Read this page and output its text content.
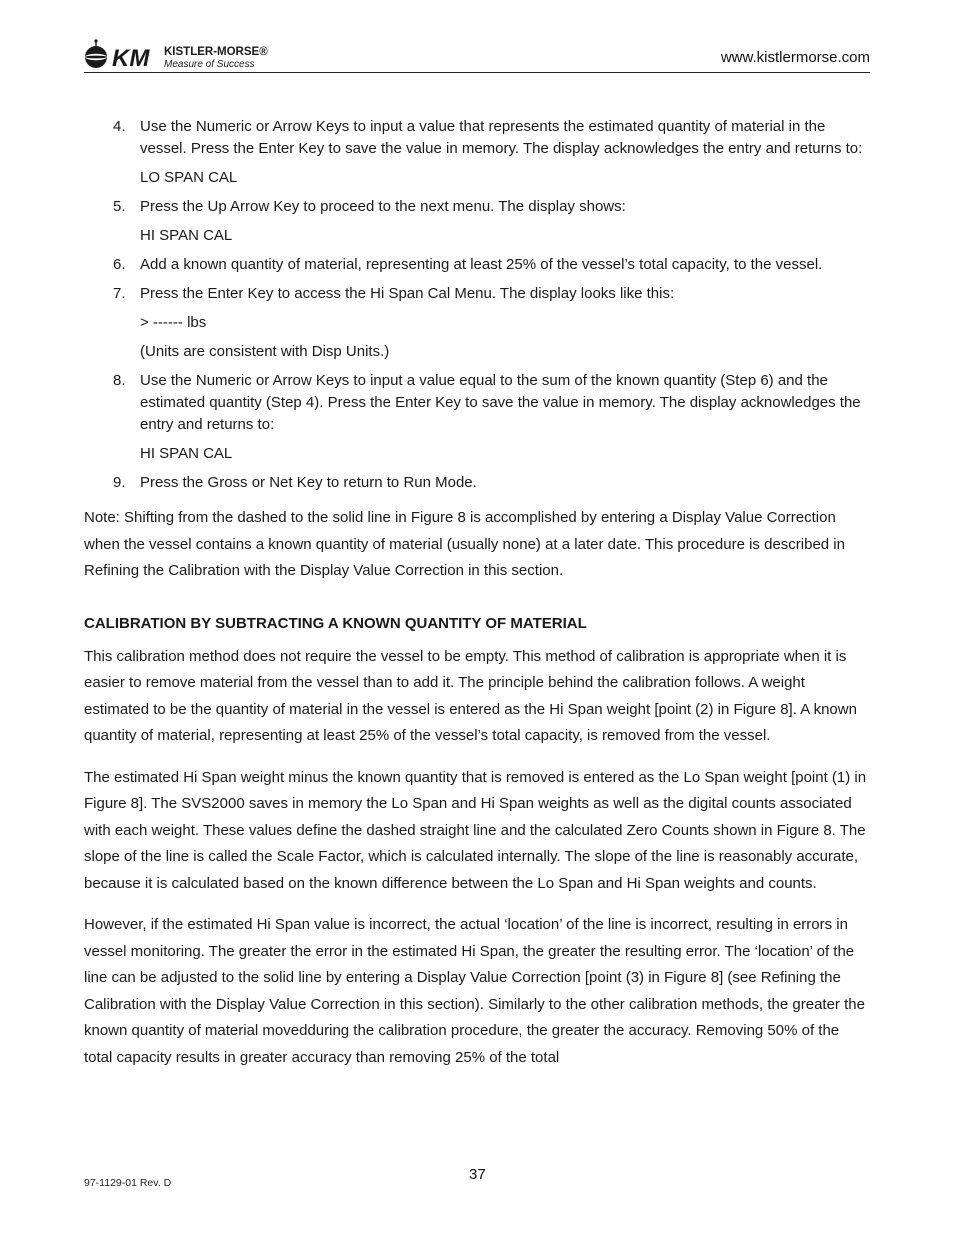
KM KISTLER-MORSE®
Measure of Success	www.kistlermorse.com
4. Use the Numeric or Arrow Keys to input a value that represents the estimated quantity of material in the vessel. Press the Enter Key to save the value in memory. The display acknowledges the entry and returns to:
LO SPAN CAL
5. Press the Up Arrow Key to proceed to the next menu. The display shows:
HI SPAN CAL
6. Add a known quantity of material, representing at least 25% of the vessel’s total capacity, to the vessel.
7. Press the Enter Key to access the Hi Span Cal Menu. The display looks like this:
> ------ lbs
(Units are consistent with Disp Units.)
8. Use the Numeric or Arrow Keys to input a value equal to the sum of the known quantity (Step 6) and the estimated quantity (Step 4). Press the Enter Key to save the value in memory. The display acknowledges the entry and returns to:
HI SPAN CAL
9. Press the Gross or Net Key to return to Run Mode.
Note: Shifting from the dashed to the solid line in Figure 8 is accomplished by entering a Display Value Correction when the vessel contains a known quantity of material (usually none) at a later date. This procedure is described in Refining the Calibration with the Display Value Correction in this section.
CALIBRATION BY SUBTRACTING A KNOWN QUANTITY OF MATERIAL

This calibration method does not require the vessel to be empty. This method of calibration is appropriate when it is easier to remove material from the vessel than to add it. The principle behind the calibration follows. A weight estimated to be the quantity of material in the vessel is entered as the Hi Span weight [point (2) in Figure 8]. A known quantity of material, representing at least 25% of the vessel’s total capacity, is removed from the vessel.

The estimated Hi Span weight minus the known quantity that is removed is entered as the Lo Span weight [point (1) in Figure 8]. The SVS2000 saves in memory the Lo Span and Hi Span weights as well as the digital counts associated with each weight. These values define the dashed straight line and the calculated Zero Counts shown in Figure 8. The slope of the line is called the Scale Factor, which is calculated internally. The slope of the line is reasonably accurate, because it is calculated based on the known difference between the Lo Span and Hi Span weights and counts.

However, if the estimated Hi Span value is incorrect, the actual ‘location’ of the line is incorrect, resulting in errors in vessel monitoring. The greater the error in the estimated Hi Span, the greater the resulting error. The ‘location’ of the line can be adjusted to the solid line by entering a Display Value Correction [point (3) in Figure 8] (see Refining the Calibration with the Display Value Correction in this section). Similarly to the other calibration methods, the greater the known quantity of material movedduring the calibration procedure, the greater the accuracy. Removing 50% of the total capacity results in greater accuracy than removing 25% of the total

97-1129-01 Rev. D	37
